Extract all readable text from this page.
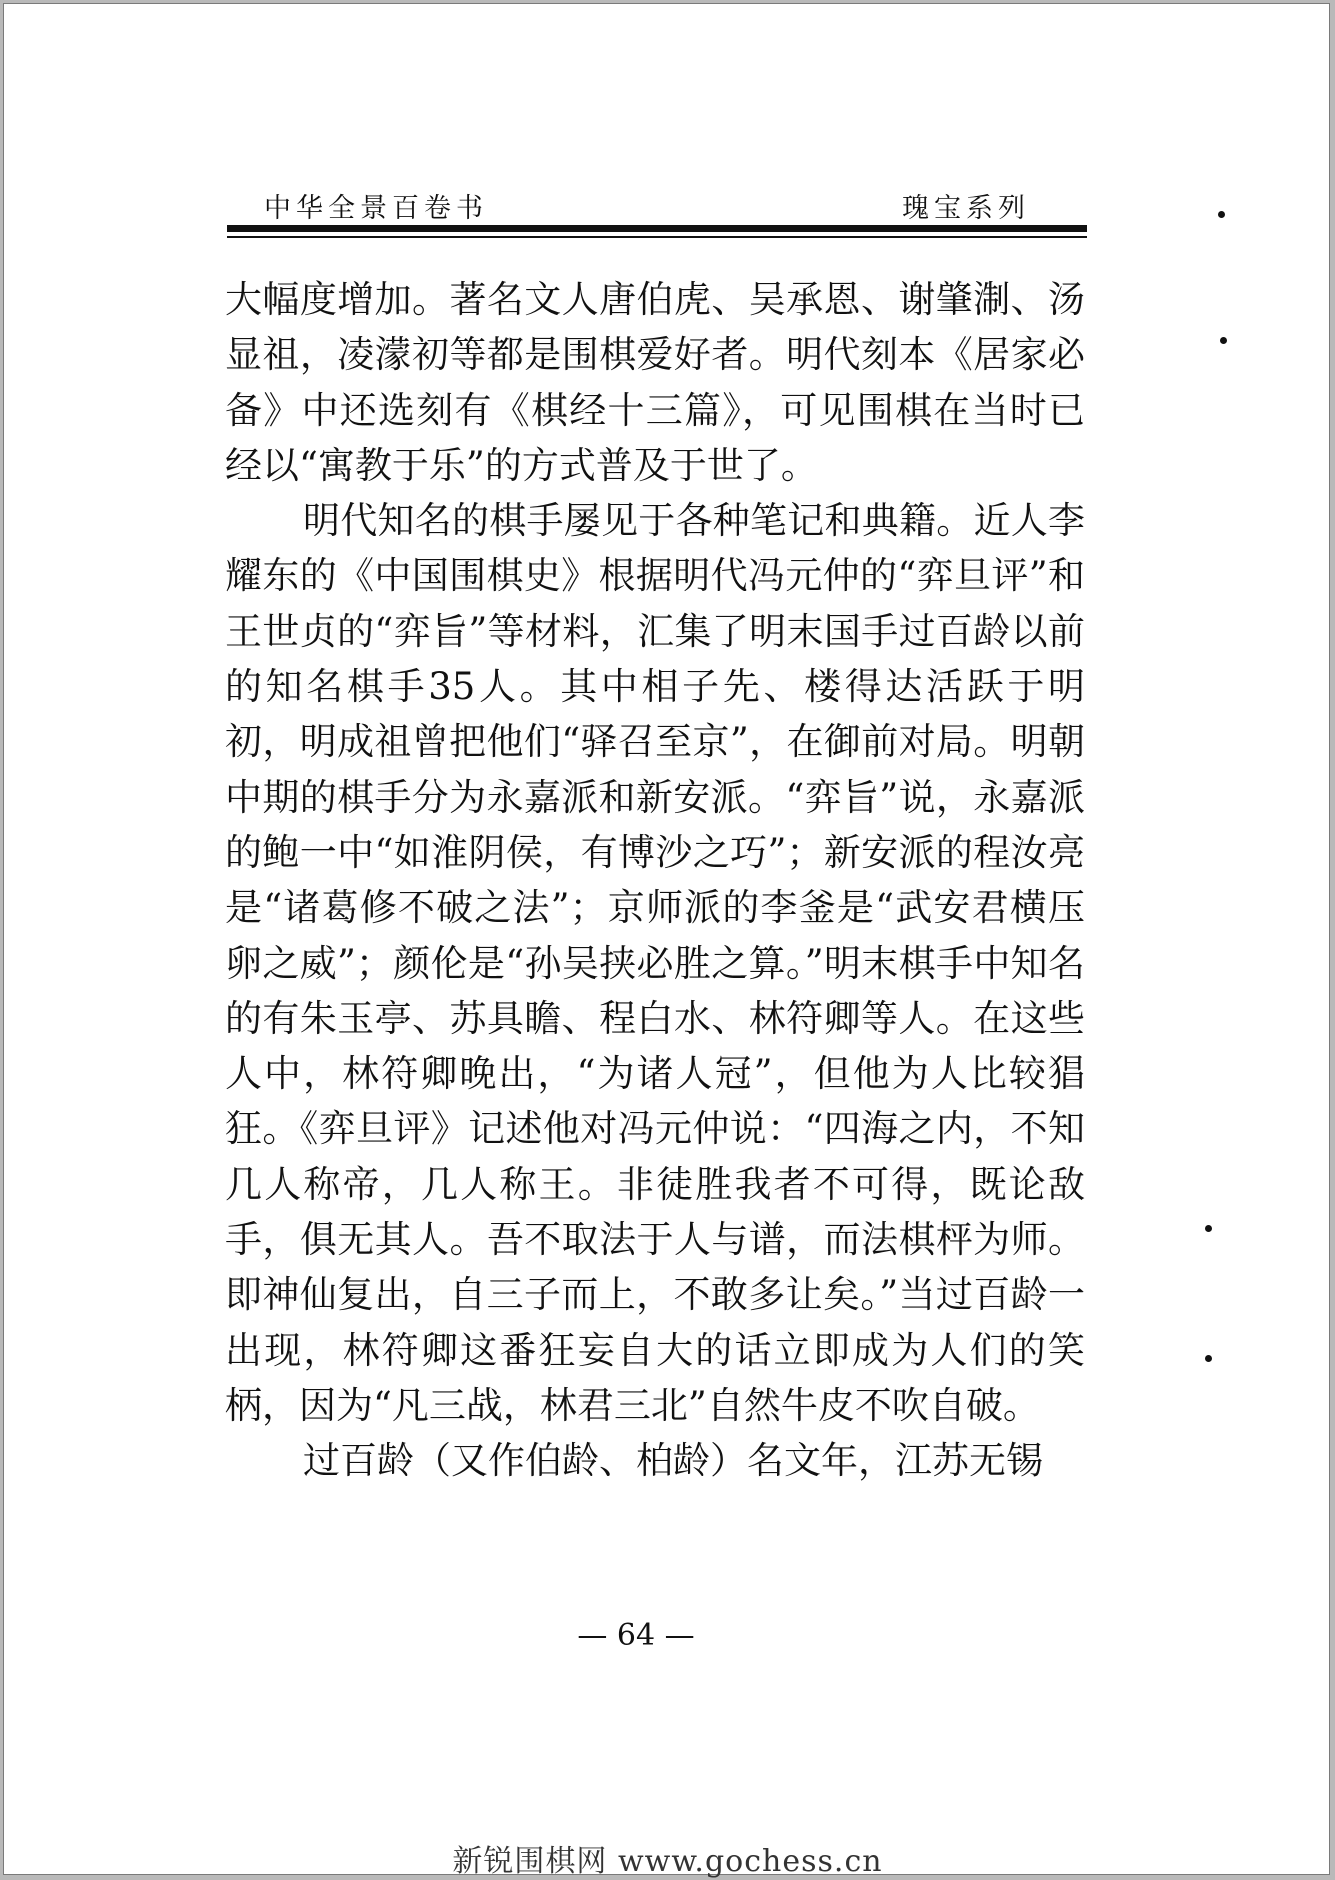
中华全景百卷书	瑰宝系列

大幅度增加。著名文人唐伯虎、吴承恩、谢肇淛、汤显祖，凌濛初等都是围棋爱好者。明代刻本《居家必备》中还选刻有《棋经十三篇》，可见围棋在当时已经以“寓教于乐”的方式普及于世了。

明代知名的棋手屡见于各种笔记和典籍。近人李耀东的《中国围棋史》根据明代冯元仲的“弈旦评”和王世贞的“弈旨”等材料，汇集了明末国手过百龄以前的知名棋手35人。其中相子先、楼得达活跃于明初，明成祖曾把他们“驿召至京”，在御前对局。明朝中期的棋手分为永嘉派和新安派。“弈旨”说，永嘉派的鲍一中“如淮阴侯，有博沙之巧”；新安派的程汝亮是“诸葛修不破之法”；京师派的李釜是“武安君横压卵之威”；颜伦是“孙吴挟必胜之算。”明末棋手中知名的有朱玉亭、苏具瞻、程白水、林符卿等人。在这些人中，林符卿晚出，“为诸人冠”，但他为人比较猖狂。《弈旦评》记述他对冯元仲说：“四海之内，不知几人称帝，几人称王。非徒胜我者不可得，既论敌手，俱无其人。吾不取法于人与谱，而法棋枰为师。即神仙复出，自三子而上，不敢多让矣。”当过百龄一出现，林符卿这番狂妄自大的话立即成为人们的笑柄，因为“凡三战，林君三北”自然牛皮不吹自破。

过百龄（又作伯龄、柏龄）名文年，江苏无锡

— 64 —
新锐围棋网 www.gochess.cn
